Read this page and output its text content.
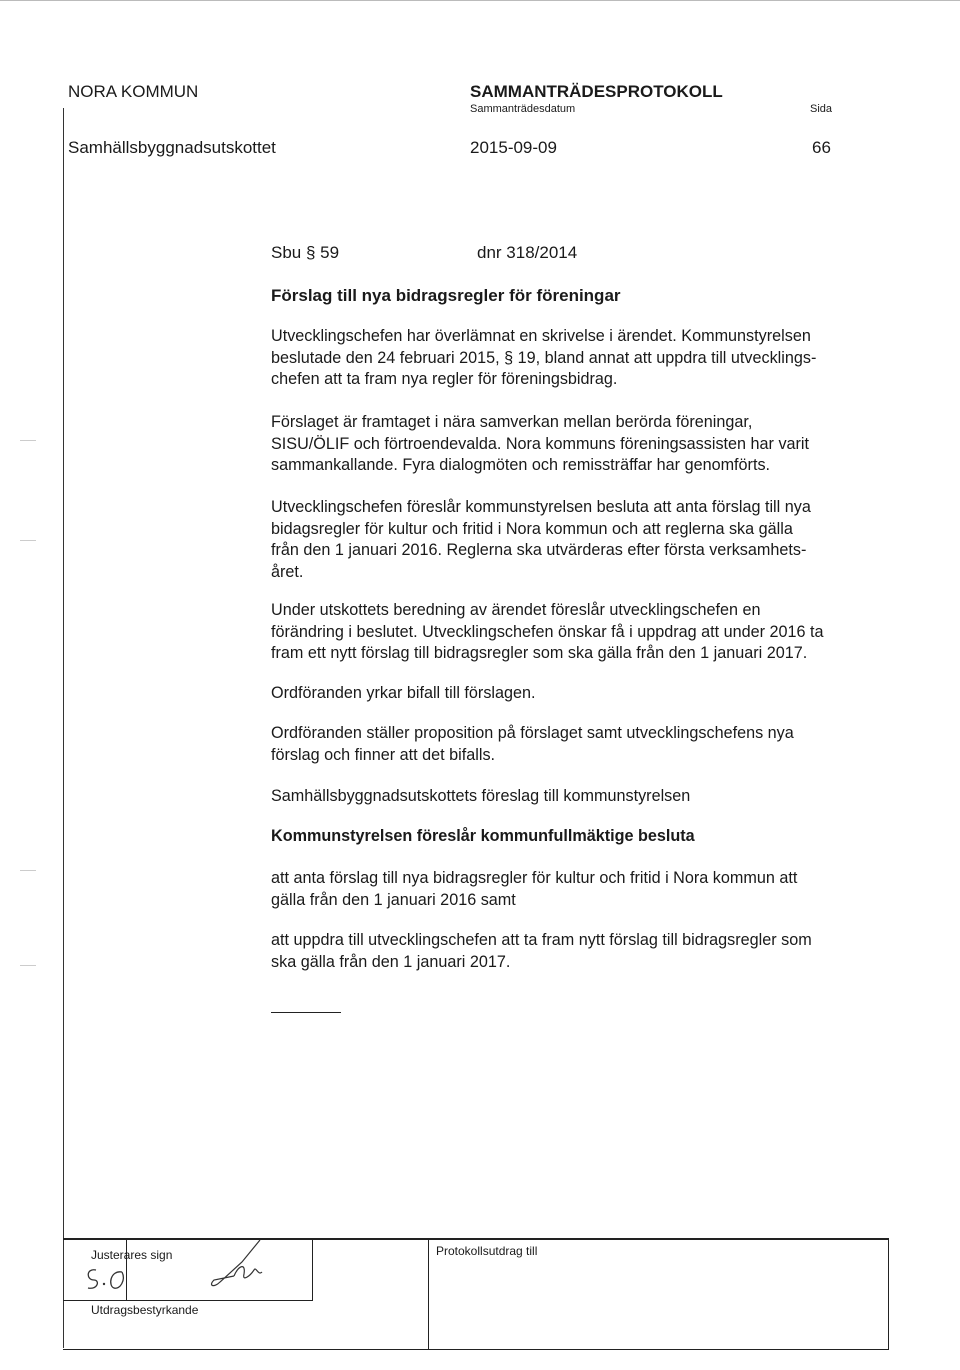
NORA KOMMUN	SAMMANTRÄDESPROTOKOLL
Sammanträdesdatum	Sida
Samhällsbyggnadsutskottet	2015-09-09	66
Sbu § 59	dnr 318/2014
Förslag till nya bidragsregler för föreningar
Utvecklingschefen har överlämnat en skrivelse i ärendet. Kommunstyrelsen
beslutade den 24 februari 2015, § 19, bland annat att uppdra till utvecklings-
chefen att ta fram nya regler för föreningsbidrag.
Förslaget är framtaget i nära samverkan mellan berörda föreningar,
SISU/ÖLIF och förtroendevalda. Nora kommuns föreningsassisten har varit
sammankallande. Fyra dialogmöten och remissträffar har genomförts.
Utvecklingschefen föreslår kommunstyrelsen besluta att anta förslag till nya
bidagsregler för kultur och fritid i Nora kommun och att reglerna ska gälla
från den 1 januari 2016. Reglerna ska utvärderas efter första verksamhets-
året.
Under utskottets beredning av ärendet föreslår utvecklingschefen en
förändring i beslutet. Utvecklingschefen önskar få i uppdrag att under 2016 ta
fram ett nytt förslag till bidragsregler som ska gälla från den 1 januari 2017.
Ordföranden yrkar bifall till förslagen.
Ordföranden ställer proposition på förslaget samt utvecklingschefens nya
förslag och finner att det bifalls.
Samhällsbyggnadsutskottets föreslag till kommunstyrelsen
Kommunstyrelsen föreslår kommunfullmäktige besluta
att anta förslag till nya bidragsregler för kultur och fritid i Nora kommun att
gälla från den 1 januari 2016 samt
att uppdra till utvecklingschefen att ta fram nytt förslag till bidragsregler som
ska gälla från den 1 januari 2017.
Justerares sign
Utdragsbestyrkande
Protokollsutdrag till
